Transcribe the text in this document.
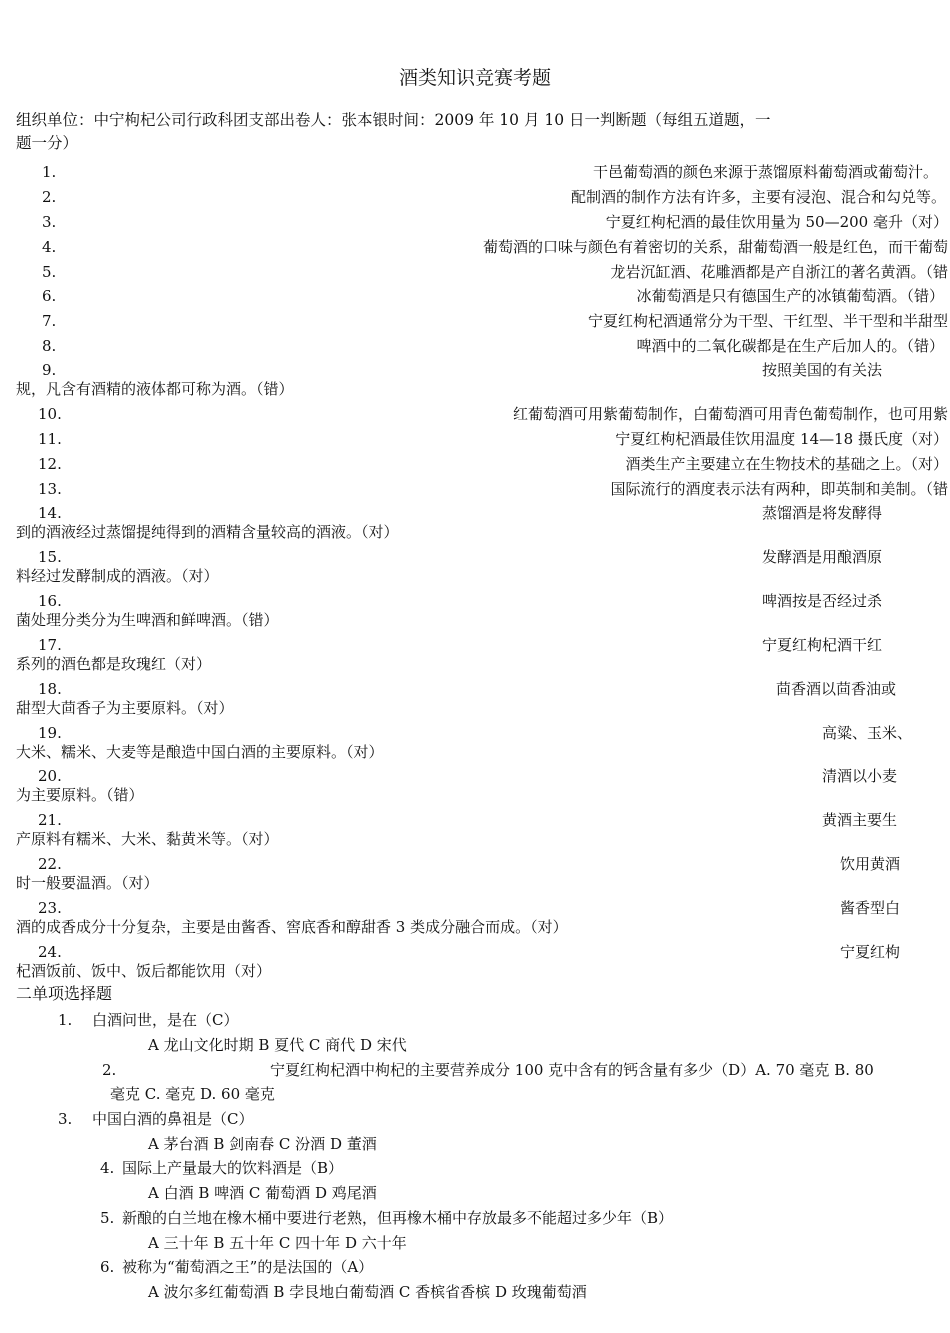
酒类知识竞赛考题
组织单位：中宁枸杞公司行政科团支部出卷人：张本银时间：2009 年 10 月 10 日一判断题（每组五道题，一
题一分）
1.	干邑葡萄酒的颜色来源于蒸馏原料葡萄酒或葡萄汁。
2.	配制酒的制作方法有许多，主要有浸泡、混合和勾兑等。
3.	宁夏红枸杞酒的最佳饮用量为 50—200 毫升（对）
4.	葡萄酒的口味与颜色有着密切的关系，甜葡萄酒一般是红色，而干葡萄
5.	龙岩沉缸酒、花雕酒都是产自浙江的著名黄酒。（错
6.	冰葡萄酒是只有德国生产的冰镇葡萄酒。（错）
7.	宁夏红枸杞酒通常分为干型、干红型、半干型和半甜型
8.	啤酒中的二氧化碳都是在生产后加人的。（错）
9.	按照美国的有关法
规，凡含有酒精的液体都可称为酒。（错）
10.	红葡萄酒可用紫葡萄制作，白葡萄酒可用青色葡萄制作，也可用紫
11.	宁夏红枸杞酒最佳饮用温度 14—18 摄氏度（对）
12.	酒类生产主要建立在生物技术的基础之上。（对）
13.	国际流行的酒度表示法有两种，即英制和美制。（错
14.	蒸馏酒是将发酵得
到的酒液经过蒸馏提纯得到的酒精含量较高的酒液。（对）
15.	发酵酒是用酿酒原
料经过发酵制成的酒液。（对）
16.	啤酒按是否经过杀
菌处理分类分为生啤酒和鲜啤酒。（错）
17.	宁夏红枸杞酒干红
系列的酒色都是玫瑰红（对）
18.	茴香酒以茴香油或
甜型大茴香子为主要原料。（对）
19.	高粱、玉米、
大米、糯米、大麦等是酿造中国白酒的主要原料。（对）
20.	清酒以小麦
为主要原料。（错）
21.	黄酒主要生
产原料有糯米、大米、黏黄米等。（对）
22.	饮用黄酒
时一般要温酒。（对）
23.	酱香型白
酒的成香成分十分复杂，主要是由酱香、窖底香和醇甜香 3 类成分融合而成。（对）
24.	宁夏红枸
杞酒饭前、饭中、饭后都能饮用（对）
二单项选择题
1. 白酒问世，是在（C）
A 龙山文化时期 B 夏代 C 商代 D 宋代
2.	宁夏红枸杞酒中枸杞的主要营养成分 100 克中含有的钙含量有多少（D）A. 70 毫克 B. 80
毫克 C. 毫克 D. 60 毫克
3. 中国白酒的鼻祖是（C）
A 茅台酒 B 剑南春 C 汾酒 D 董酒
4. 国际上产量最大的饮料酒是（B）
A 白酒 B 啤酒 C 葡萄酒 D 鸡尾酒
5. 新酿的白兰地在橡木桶中要进行老熟，但再橡木桶中存放最多不能超过多少年（B）
A 三十年 B 五十年 C 四十年 D 六十年
6. 被称为“葡萄酒之王”的是法国的（A）
A 波尔多红葡萄酒 B 孛艮地白葡萄酒 C 香槟省香槟 D 玫瑰葡萄酒
